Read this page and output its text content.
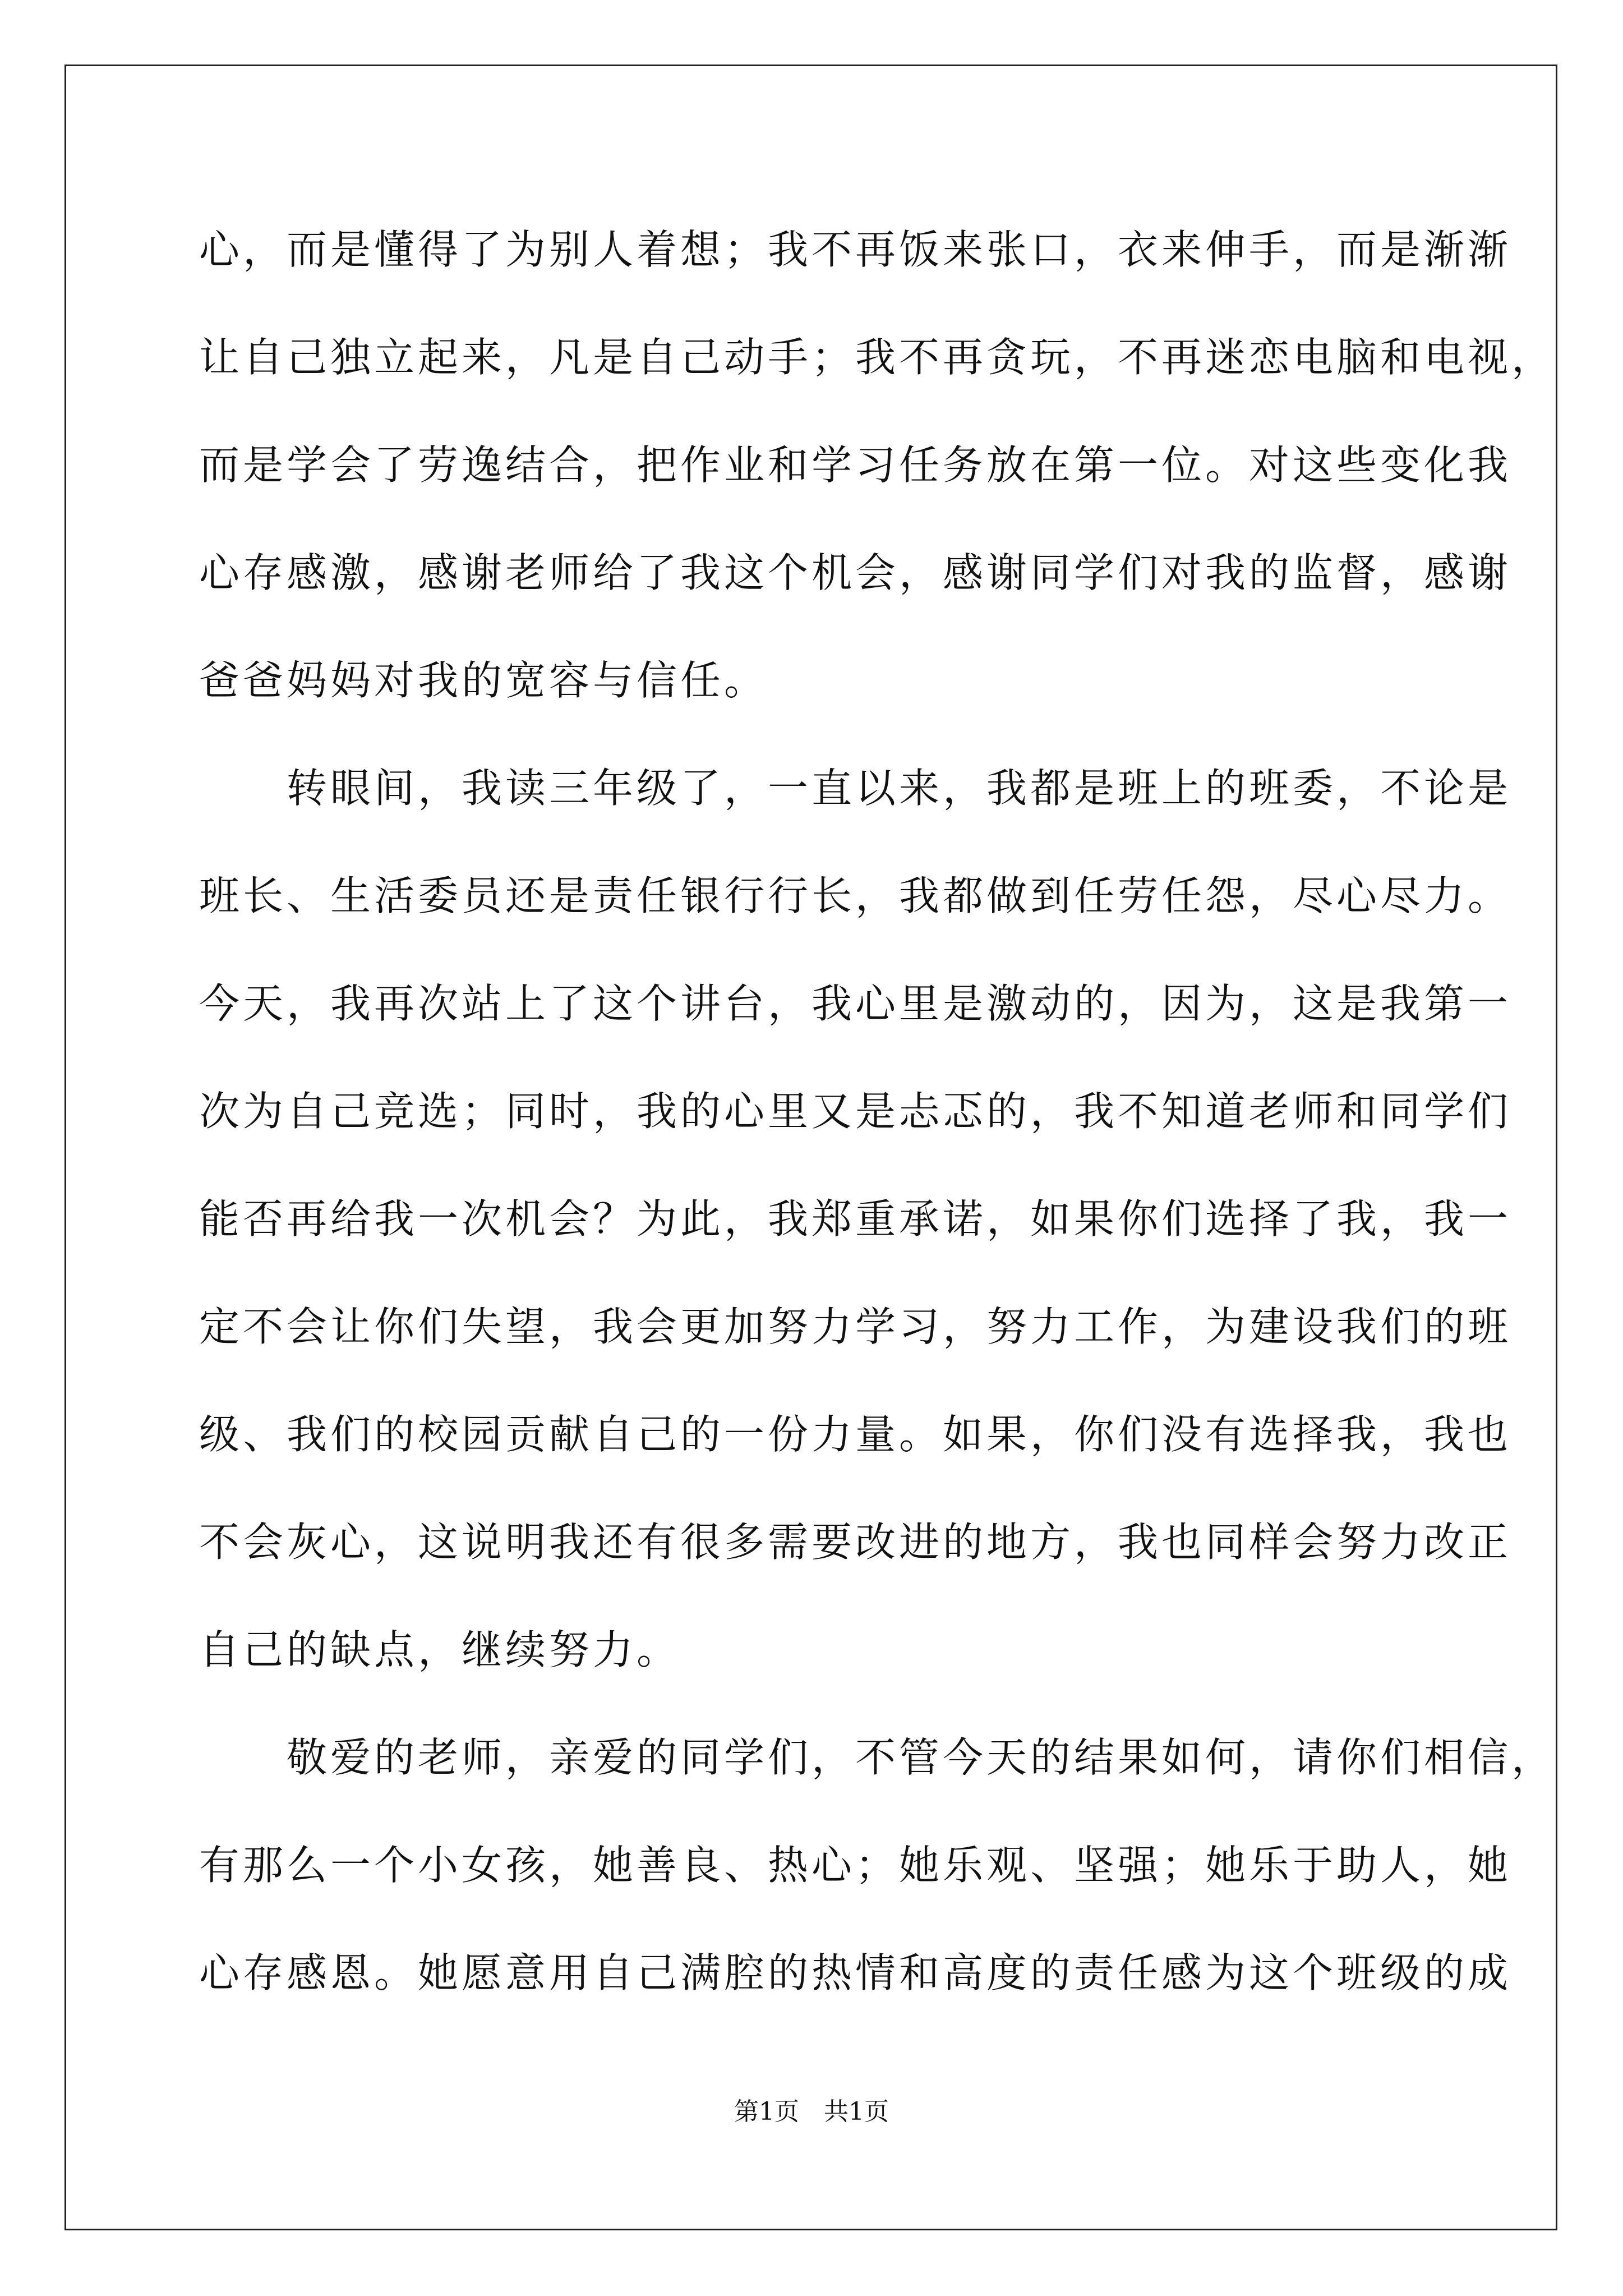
心，而是懂得了为别人着想；我不再饭来张口，衣来伸手，而是渐渐
让自己独立起来，凡是自己动手；我不再贪玩，不再迷恋电脑和电视，
而是学会了劳逸结合，把作业和学习任务放在第一位。对这些变化我
心存感激，感谢老师给了我这个机会，感谢同学们对我的监督，感谢
爸爸妈妈对我的宽容与信任。
　　转眼间，我读三年级了，一直以来，我都是班上的班委，不论是
班长、生活委员还是责任银行行长，我都做到任劳任怨，尽心尽力。
今天，我再次站上了这个讲台，我心里是激动的，因为，这是我第一
次为自己竞选；同时，我的心里又是忐忑的，我不知道老师和同学们
能否再给我一次机会？为此，我郑重承诺，如果你们选择了我，我一
定不会让你们失望，我会更加努力学习，努力工作，为建设我们的班
级、我们的校园贡献自己的一份力量。如果，你们没有选择我，我也
不会灰心，这说明我还有很多需要改进的地方，我也同样会努力改正
自己的缺点，继续努力。
　　敬爱的老师，亲爱的同学们，不管今天的结果如何，请你们相信，
有那么一个小女孩，她善良、热心；她乐观、坚强；她乐于助人，她
心存感恩。她愿意用自己满腔的热情和高度的责任感为这个班级的成
第1页　共1页
